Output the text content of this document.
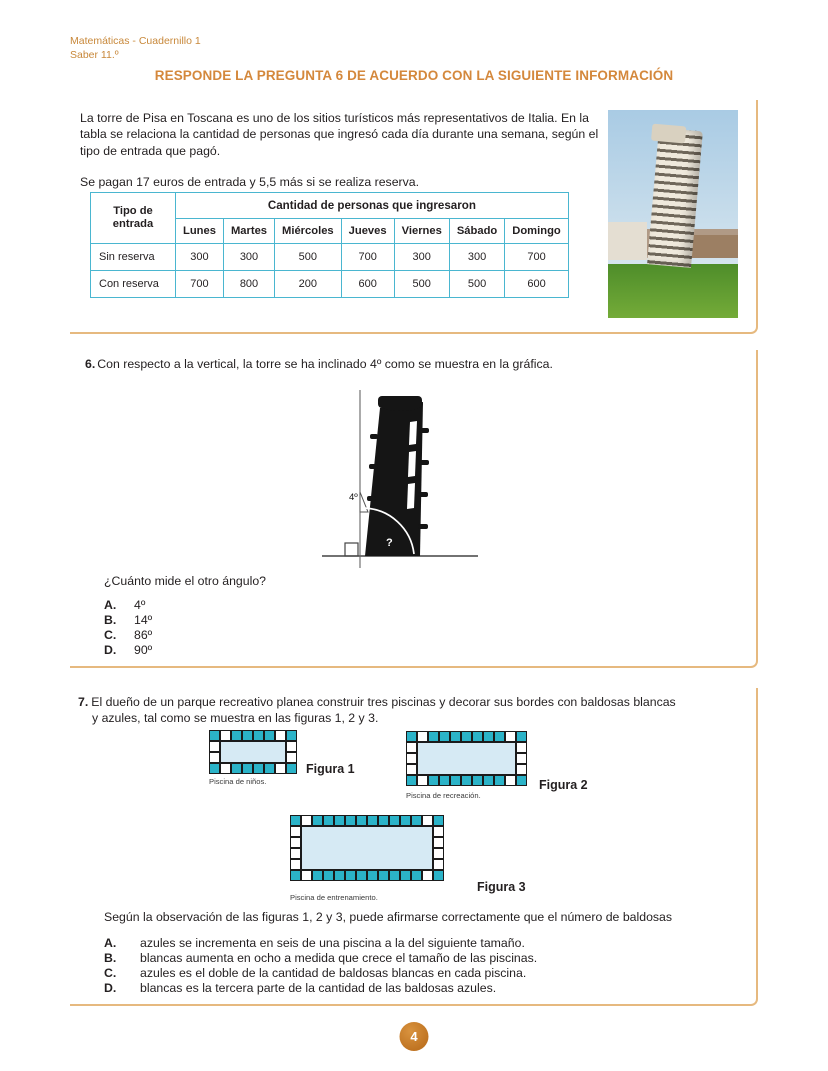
Matemáticas - Cuadernillo 1
Saber 11.º
RESPONDE LA PREGUNTA 6 DE ACUERDO CON LA SIGUIENTE INFORMACIÓN

La torre de Pisa en Toscana es uno de los sitios turísticos más representativos de Italia. En la tabla se relaciona la cantidad de personas que ingresó cada día durante una semana, según el tipo de entrada que pagó.

Se pagan 17 euros de entrada y 5,5 más si se realiza reserva.

Tipo de entrada	Cantidad de personas que ingresaron						
	Lunes	Martes	Miércoles	Jueves	Viernes	Sábado	Domingo
Sin reserva	300	300	500	700	300	300	700
Con reserva	700	800	200	600	500	500	600
6. Con respecto a la vertical, la torre se ha inclinado 4º como se muestra en la gráfica.
4º
?
¿Cuánto mide el otro ángulo?
A.	4º
B.	14º
C.	86º
D.	90º
7. El dueño de un parque recreativo planea construir tres piscinas y decorar sus bordes con baldosas blancas
y azules, tal como se muestra en las figuras 1, 2 y 3.
Figura 1
Piscina de niños.	Figura 2
Piscina de recreación.
Figura 3
Piscina de entrenamiento.
Según la observación de las figuras 1, 2 y 3, puede afirmarse correctamente que el número de baldosas
A.	azules se incrementa en seis de una piscina a la del siguiente tamaño.
B.	blancas aumenta en ocho a medida que crece el tamaño de las piscinas.
C.	azules es el doble de la cantidad de baldosas blancas en cada piscina.
D.	blancas es la tercera parte de la cantidad de las baldosas azules.
4
